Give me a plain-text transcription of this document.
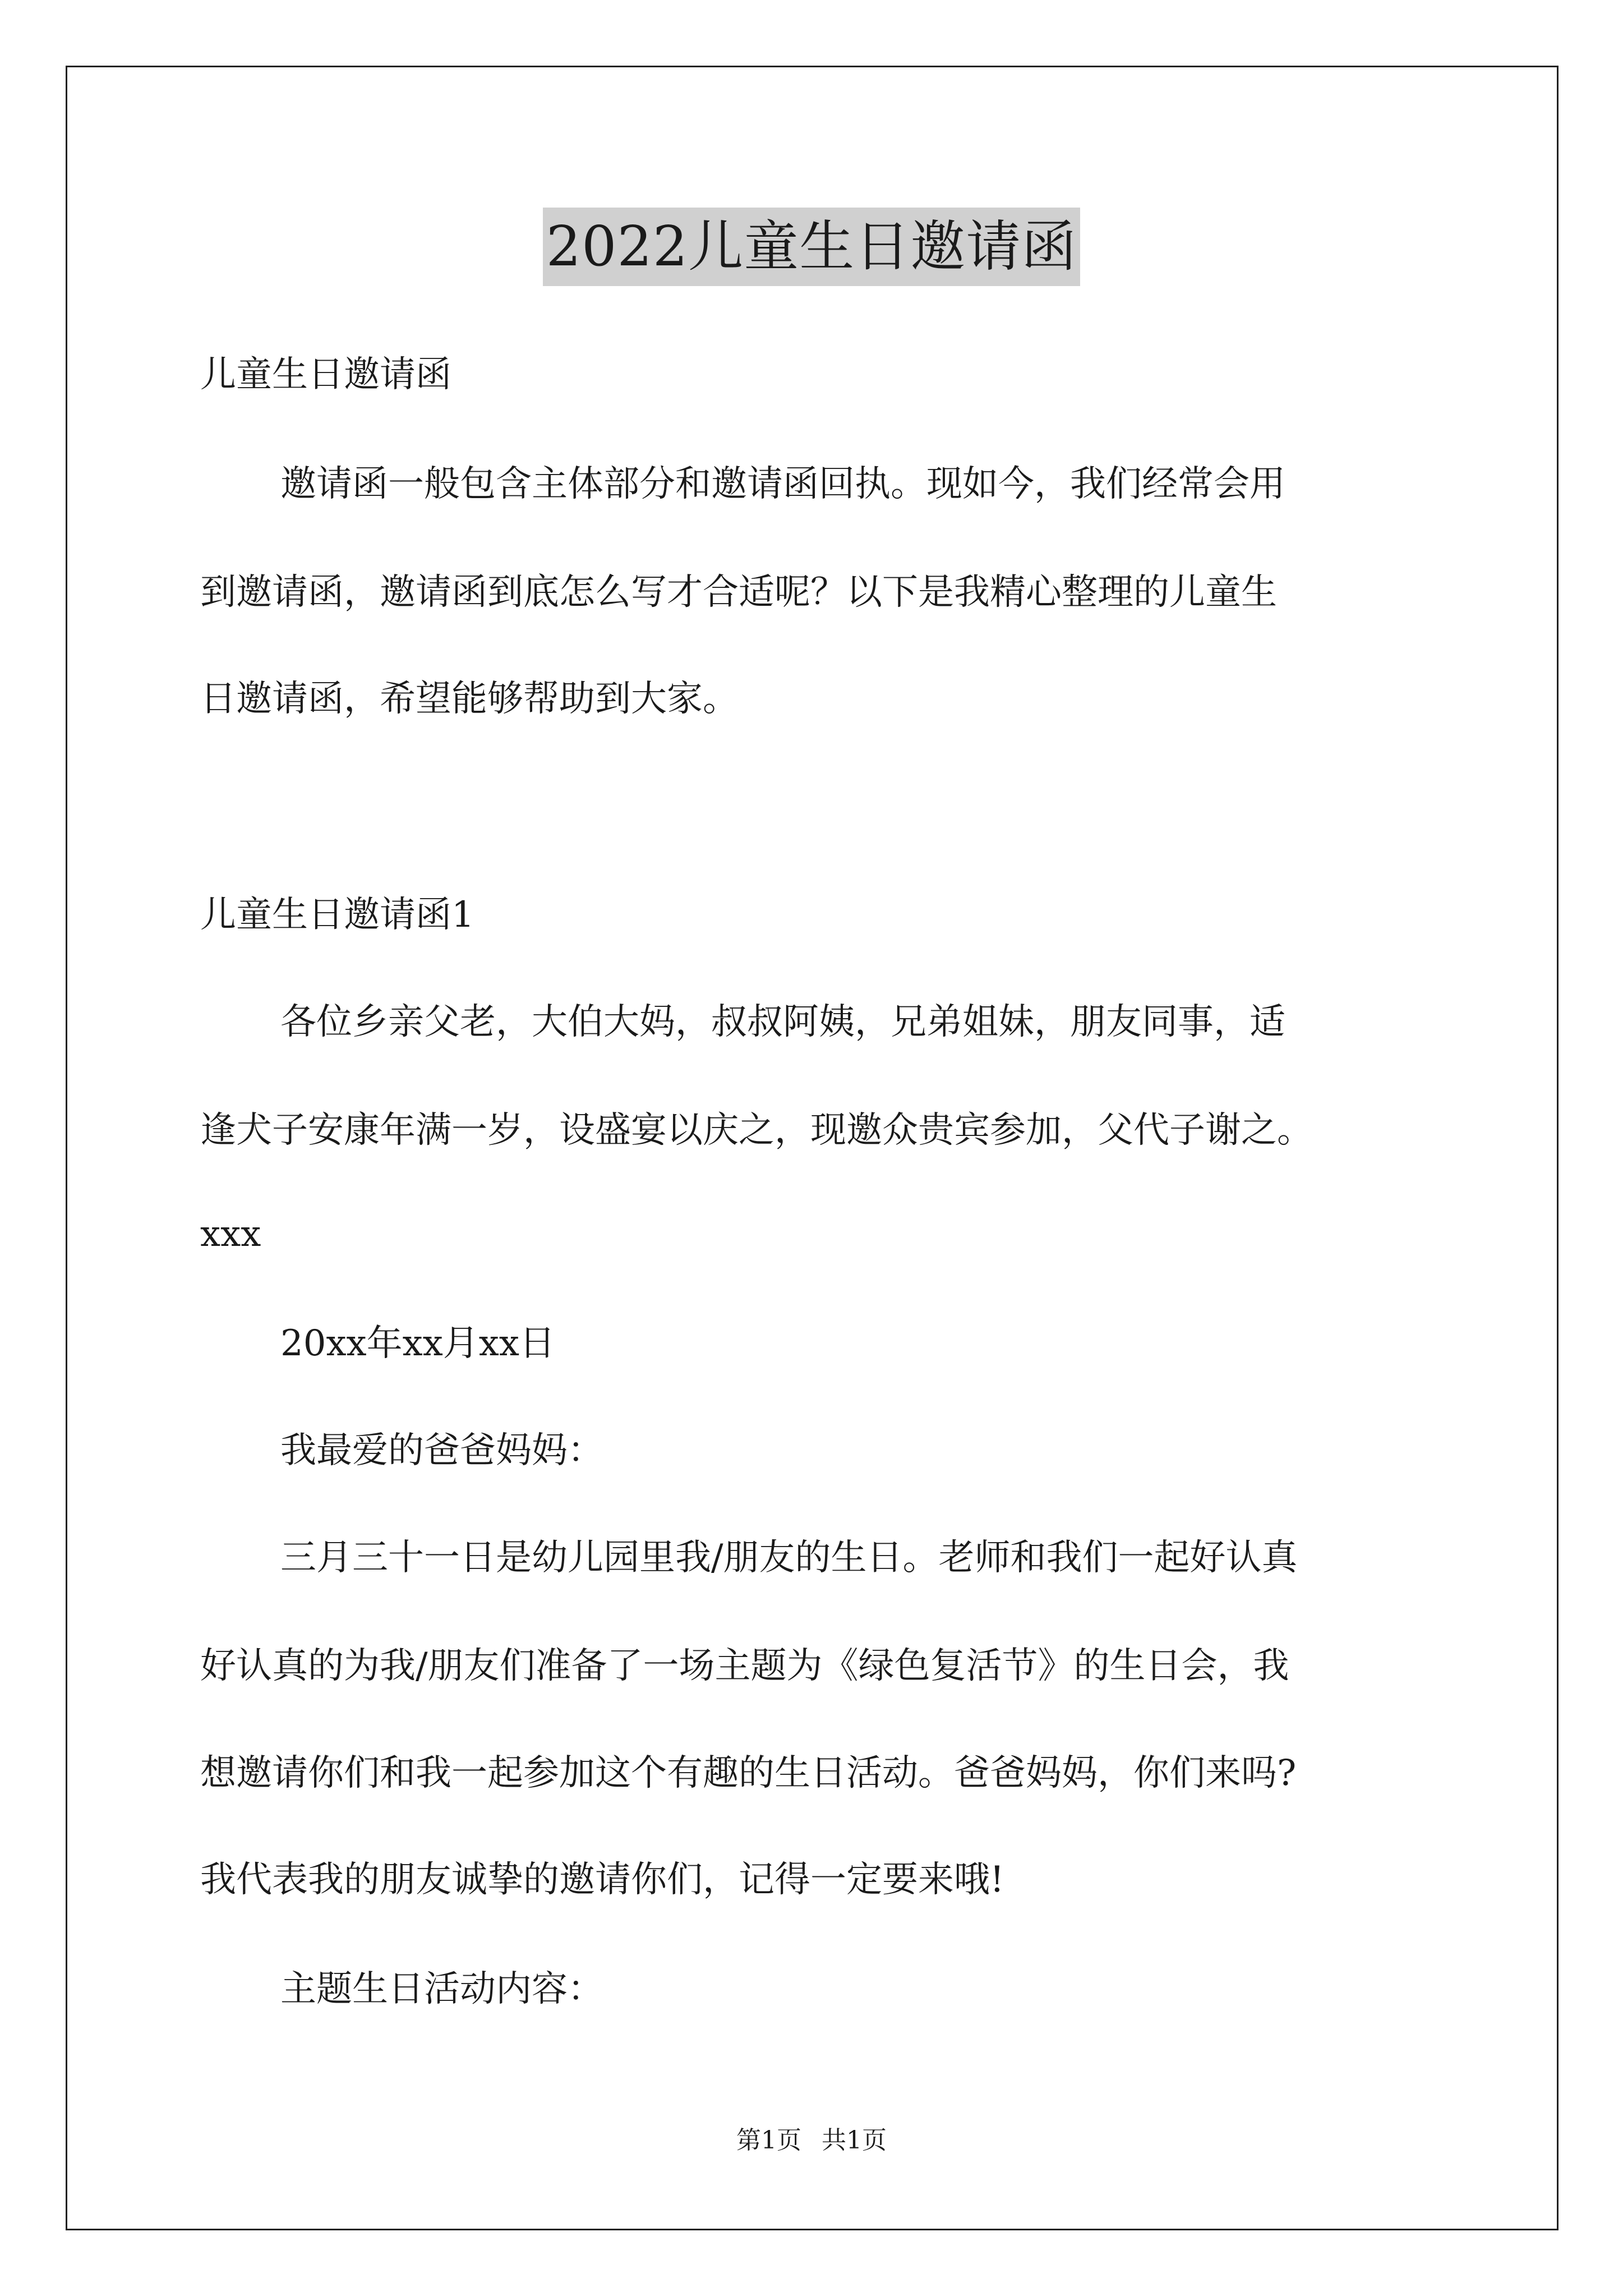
2022儿童生日邀请函
儿童生日邀请函
邀请函一般包含主体部分和邀请函回执。现如今，我们经常会用
到邀请函，邀请函到底怎么写才合适呢？以下是我精心整理的儿童生
日邀请函，希望能够帮助到大家。
儿童生日邀请函1
各位乡亲父老，大伯大妈，叔叔阿姨，兄弟姐妹，朋友同事，适
逢犬子安康年满一岁，设盛宴以庆之，现邀众贵宾参加，父代子谢之。
xxx
20xx年xx月xx日
我最爱的爸爸妈妈：
三月三十一日是幼儿园里我/朋友的生日。老师和我们一起好认真
好认真的为我/朋友们准备了一场主题为《绿色复活节》的生日会，我
想邀请你们和我一起参加这个有趣的生日活动。爸爸妈妈，你们来吗?
我代表我的朋友诚挚的邀请你们，记得一定要来哦!
主题生日活动内容：
第1页 共1页
